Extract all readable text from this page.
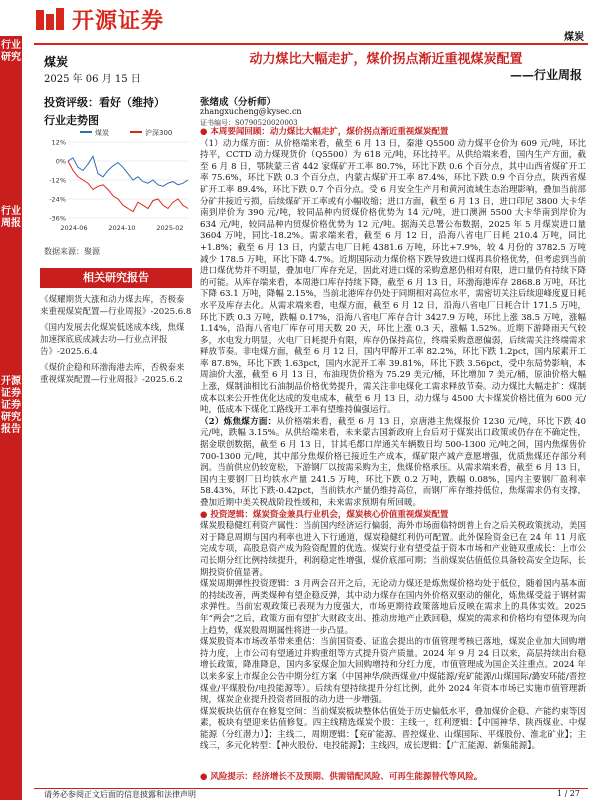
开源证券
煤炭
行业研究
行业周报
开源证券证券研究报告
煤炭
2025 年 06 月 15 日
投资评级：看好（维持）
行业走势图
煤炭	沪深300
12%
0%
-12%
-24%
-36%
2024-06	2024-10	2025-02
数据来源：聚源
相关研究报告
《煤耀期货大涨和动力煤去库，否极泰来重视煤炭配置—行业周报》-2025.6.8
《国内发展去化煤炭低迷成本线，焦煤加速探底底成减去功—行业点评报告》-2025.6.4
《煤价企稳和环渤海港去库，否极泰来重视煤炭配置—行业周报》-2025.6.2
动力煤比大幅走扩，煤价拐点渐近重视煤炭配置
——行业周报
张绪成（分析师）
zhangxucheng@kysec.cn
证书编号：S0790520020003

● 本周要闻回顾：动力煤比大幅走扩，煤价拐点渐近重视煤炭配置

（1）动力煤方面：从价格端来看，截至 6 月 13 日，秦港 Q5500 动力煤平仓价为 609 元/吨，环比持平，CCTD 动力煤现货价（Q5500）为 618 元/吨，环比持平。从供给端来看，国内生产方面，截至 6 月 8 日，鄂陕蒙三省 442 家煤矿开工率 80.7%，环比下跌 0.6 个百分点，其中山西省煤矿开工率 75.6%，环比下跌 0.3 个百分点，内蒙古煤矿开工率 87.4%，环比下跌 0.9 个百分点，陕西省煤矿开工率 89.4%，环比下跌 0.7 个百分点。受 6 月安全生产月和黄河流域生态治理影响，叠加当前部分矿井接近亏损，后续煤矿开工率或有小幅收缩；进口方面，截至 6 月 13 日，进口印尼 3800 大卡华南到岸价为 390 元/吨，较同品种内贸煤价格优势为 14 元/吨，进口澳洲 5500 大卡华南到岸价为 634 元/吨，较同品种内贸煤价格优势为 12 元/吨。据海关总署公布数据，2025 年 5 月煤炭进口量 3604 万吨，同比-18.2%。需求端来看，截至 6 月 12 日，沿海八省电厂日耗 210.4 万吨，同比+1.8%；截至 6 月 13 日，内蒙古电厂日耗 4381.6 万吨，环比+7.9%，较 4 月份的 3782.5 万吨减少 178.5 万吨，环比下降 4.7%。近期国际动力煤价格下跌导致进口煤再具价格优势，但考虑到当前进口煤优势并不明显，叠加电厂库存充足，因此对进口煤的采购意愿仍相对有限，进口量仍有持续下降的可能。从库存端来看，本周港口库存持续下降，截至 6 月 13 日，环渤海港库存 2868.8 万吨，环比下降 63.1 万吨，降幅 2.15%，当前北港库存仍处于同期相对高位水平，需密切关注后续迎峰度夏日耗水平及库存去化。从需求端来看，电煤方面，截至 6 月 12 日，沿海八省电厂日耗合计 171.5 万吨，环比下跌 0.3 万吨，跌幅 0.17%，沿海八省电厂库存合计 3427.9 万吨，环比上涨 38.5 万吨，涨幅 1.14%，沿海八省电厂库存可用天数 20 天，环比上涨 0.3 天，涨幅 1.52%。近期下游降雨天气较多，水电发力明显，火电厂日耗提升有限，库存仍保持高位，终端采购意愿偏弱，后续需关注终端需求释放节奏。非电煤方面，截至 6 月 12 日，国内甲醇开工率 82.2%，环比下跌 1.2pct，国内尿素开工率 87.8%，环比下跌 1.63pct，国内水泥开工率 39.81%，环比下跌 3.56pct，受中东局势影响，本周油价大涨，截至 6 月 13 日，布油现货价格为 75.29 美元/桶，环比增加 7 美元/桶，原油价格大幅上涨，煤制油相比石油制品价格优势提升，需关注非电煤化工需求释放节奏。动力煤比大幅走扩：煤制成本以来公开性优化达成的发电成本，截至 6 月 13 日，动力煤与 4500 大卡煤炭价格比值为 600 元/吨，低成本下煤化工路线开工率有望维持偏强运行。

（2）炼焦煤方面：从价格端来看，截至 6 月 13 日，京唐港主焦煤报价 1230 元/吨，环比下跌 40 元/吨，跌幅 3.15%。从供给端来看，未来蒙古国新政府上台后对于煤炭出口政策或仍存在不确定性，据金联创数据，截至 6 月 13 日，甘其毛都口岸通关车辆数日均 500-1300 元/吨之间，国内焦煤售价 700-1300 元/吨，其中部分焦煤价格已接近生产成本，煤矿限产减产意愿增强，优质焦煤还存部分利润。当前供应仍较宽松，下游钢厂以按需采购为主，焦煤价格承压。从需求端来看，截至 6 月 13 日，国内主要钢厂日均铁水产量 241.5 万吨，环比下跌 0.2 万吨，跌幅 0.08%，国内主要钢厂盈利率 58.43%，环比下跌-0.42pct，当前铁水产量仍维持高位，而钢厂库存维持低位，焦煤需求仍有支撑，叠加近期中美关税战阶段性缓和，未来需求预期有所回暖。

● 投资逻辑：煤炭资金兼具行业机会，煤炭核心价值重视煤炭配置

煤炭股稳健红利资产属性：当前国内经济运行偏弱，海外市场面临特朗普上台之后关税政策扰动，美国对于降息周期与国内利率也进入下行通道，煤炭稳健红利仍可配置。此外保险资金已在 24 年 11 月底完成专项，高股息资产成为险资配置的优选。煤炭行业有望受益于资本市场和产业链双重成长：上市公司长期分红比例持续提升，利润稳定性增强，煤价底部可期；当前煤炭估值低位具备较高安全边际，长期投资价值显著。

煤炭周期弹性投资逻辑：3 月两会召开之后，无论动力煤还是炼焦煤价格均处于低位，随着国内基本面的持续改善，两类煤种有望企稳反弹，其中动力煤存在国内外价格双驱动的催化，炼焦煤受益于钢材需求弹性。当前宏观政策已表现为力度强大，市场更期待政策落地后反映在需求上的具体实效。2025 年“两会”之后，政策方面有望扩大财政支出、推动房地产止跌回稳，煤炭的需求和价格均有望体现为向上趋势，煤炭股周期属性将进一步凸显。

煤炭股资本市场改革带来重估：当前国资委、证监会提出的市值管理考核已落地，煤炭企业加大回购增持力度，上市公司有望通过并购重组等方式提升资产质量。2024 年 9 月 24 日以来，高层持续出台稳增长政策，降准降息，国内多家煤企加大回购增持和分红力度，市值管理成为国企关注重点。2024 年以来多家上市煤企公告中期分红方案（中国神华/陕西煤业/中煤能源/兖矿能源/山煤国际/潞安环能/晋控煤业/平煤股份/电投能源等）。后续有望持续提升分红比例，此外 2024 年资本市场已实施市值管理新规，煤炭企业提升投资者回报的动力进一步增强。

煤炭板块估值存在修复空间：当前煤炭板块整体估值处于历史偏低水平，叠加煤价企稳、产能约束等因素，板块有望迎来估值修复。四主线精选煤炭个股：主线一，红利逻辑：【中国神华、陕西煤业、中煤能源（分红潜力）】；主线二，周期逻辑：【兖矿能源、晋控煤业、山煤国际、平煤股份、淮北矿业】；主线三，多元化转型：【神火股份、电投能源】；主线四，成长逻辑：【广汇能源、新集能源】。

● 风险提示：经济增长不及预期、供需错配风险、可再生能源替代等风险。
请务必参阅正文后面的信息披露和法律声明	1 / 27
